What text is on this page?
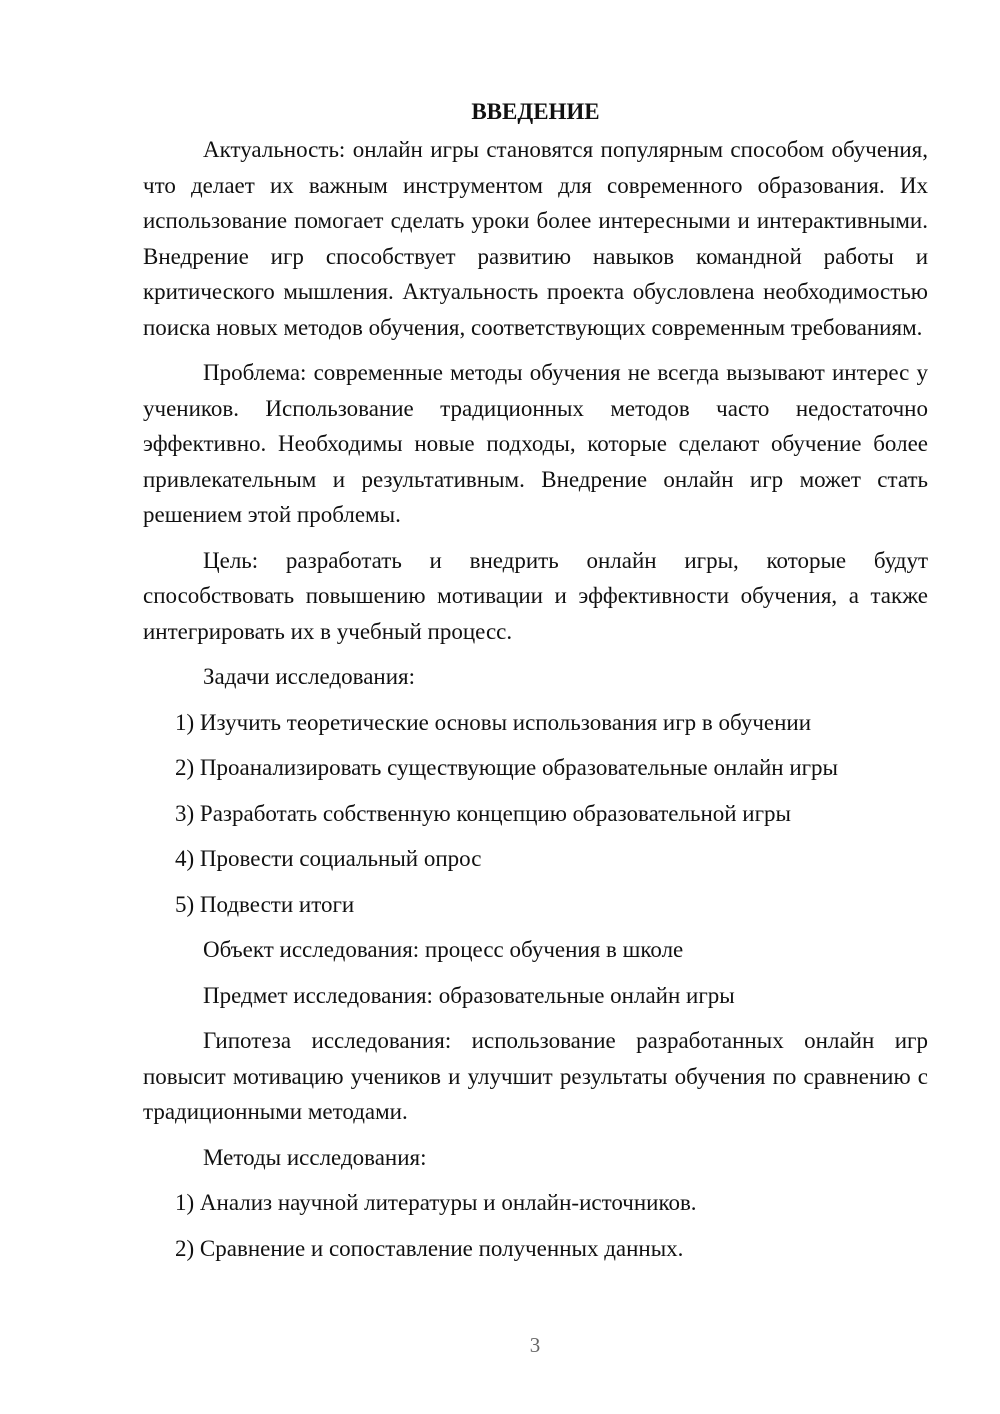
ВВЕДЕНИЕ

Актуальность: онлайн игры становятся популярным способом обучения, что делает их важным инструментом для современного образования. Их использование помогает сделать уроки более интересными и интерактивными. Внедрение игр способствует развитию навыков командной работы и критического мышления. Актуальность проекта обусловлена необходимостью поиска новых методов обучения, соответствующих современным требованиям.

Проблема: современные методы обучения не всегда вызывают интерес у учеников. Использование традиционных методов часто недостаточно эффективно. Необходимы новые подходы, которые сделают обучение более привлекательным и результативным. Внедрение онлайн игр может стать решением этой проблемы.

Цель: разработать и внедрить онлайн игры, которые будут способствовать повышению мотивации и эффективности обучения, а также интегрировать их в учебный процесс.

Задачи исследования:
1) Изучить теоретические основы использования игр в обучении
2) Проанализировать существующие образовательные онлайн игры
3) Разработать собственную концепцию образовательной игры
4) Провести социальный опрос
5) Подвести итоги
Объект исследования: процесс обучения в школе
Предмет исследования: образовательные онлайн игры

Гипотеза исследования: использование разработанных онлайн игр повысит мотивацию учеников и улучшит результаты обучения по сравнению с традиционными методами.

Методы исследования:
1) Анализ научной литературы и онлайн-источников.
2) Сравнение и сопоставление полученных данных.
3
